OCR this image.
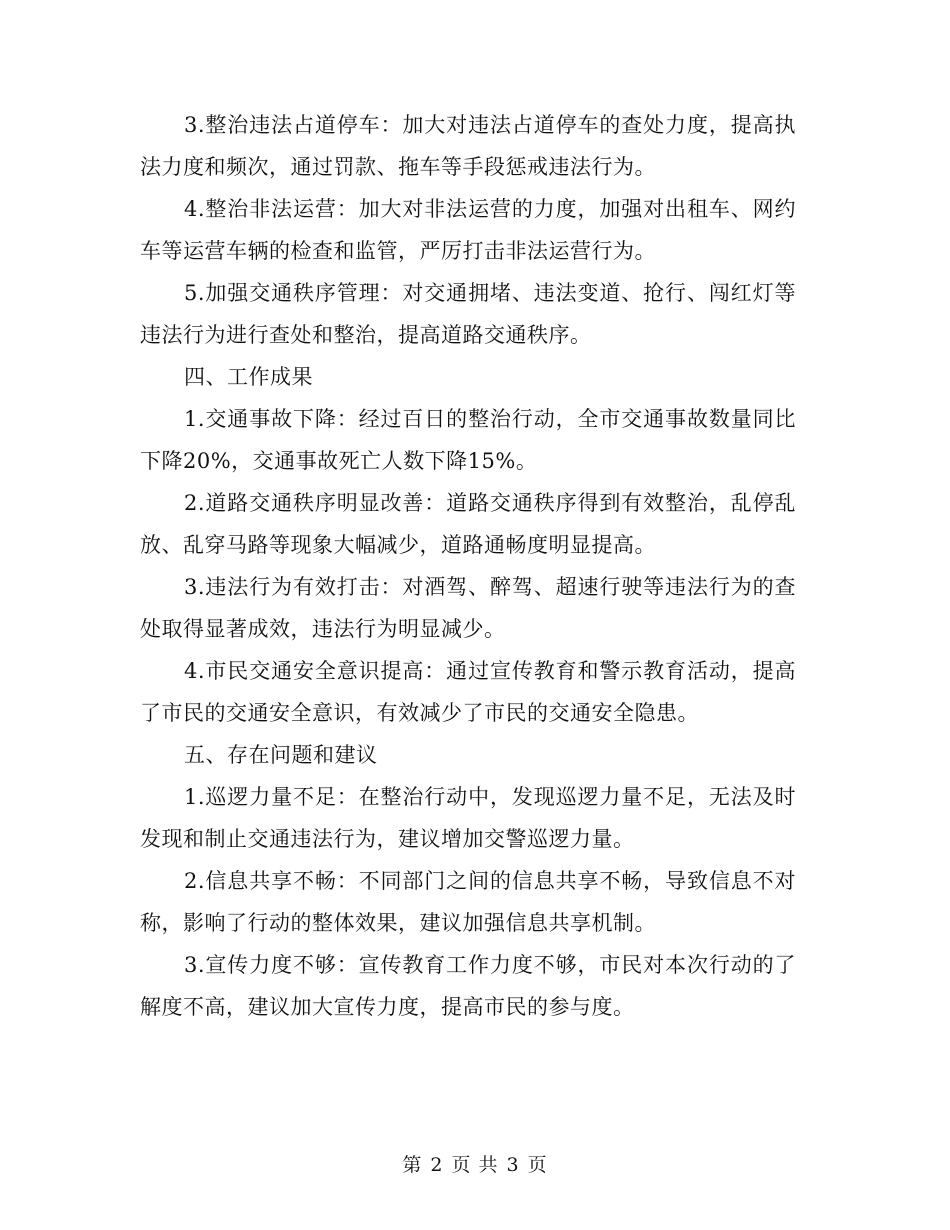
3.整治违法占道停车：加大对违法占道停车的查处力度，提高执法力度和频次，通过罚款、拖车等手段惩戒违法行为。

4.整治非法运营：加大对非法运营的力度，加强对出租车、网约车等运营车辆的检查和监管，严厉打击非法运营行为。

5.加强交通秩序管理：对交通拥堵、违法变道、抢行、闯红灯等违法行为进行查处和整治，提高道路交通秩序。

四、工作成果

1.交通事故下降：经过百日的整治行动，全市交通事故数量同比下降20%，交通事故死亡人数下降15%。

2.道路交通秩序明显改善：道路交通秩序得到有效整治，乱停乱放、乱穿马路等现象大幅减少，道路通畅度明显提高。

3.违法行为有效打击：对酒驾、醉驾、超速行驶等违法行为的查处取得显著成效，违法行为明显减少。

4.市民交通安全意识提高：通过宣传教育和警示教育活动，提高了市民的交通安全意识，有效减少了市民的交通安全隐患。

五、存在问题和建议

1.巡逻力量不足：在整治行动中，发现巡逻力量不足，无法及时发现和制止交通违法行为，建议增加交警巡逻力量。

2.信息共享不畅：不同部门之间的信息共享不畅，导致信息不对称，影响了行动的整体效果，建议加强信息共享机制。

3.宣传力度不够：宣传教育工作力度不够，市民对本次行动的了解度不高，建议加大宣传力度，提高市民的参与度。

第 2 页 共 3 页
